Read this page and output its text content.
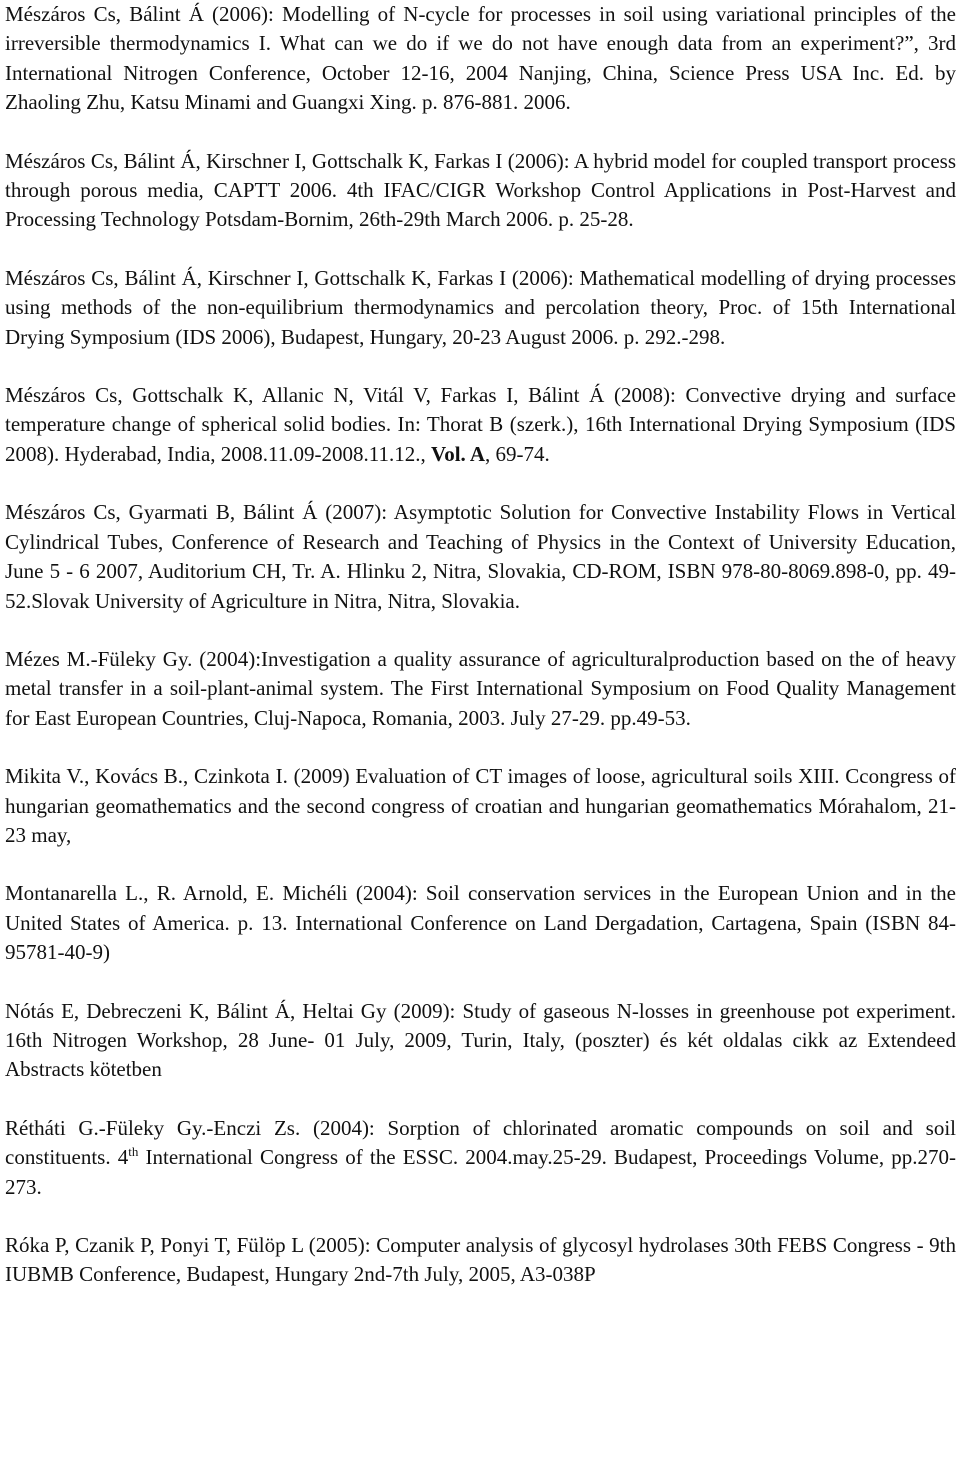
Mészáros Cs, Bálint Á (2006): Modelling of N-cycle for processes in soil using variational principles of the irreversible thermodynamics I. What can we do if we do not have enough data from an experiment?”, 3rd International Nitrogen Conference, October 12-16, 2004 Nanjing, China, Science Press USA Inc. Ed. by Zhaoling Zhu, Katsu Minami and Guangxi Xing. p. 876-881. 2006.

Mészáros Cs, Bálint Á, Kirschner I, Gottschalk K, Farkas I (2006): A hybrid model for coupled transport process through porous media, CAPTT 2006. 4th IFAC/CIGR Workshop Control Applications in Post-Harvest and Processing Technology Potsdam-Bornim, 26th-29th March 2006. p. 25-28.

Mészáros Cs, Bálint Á, Kirschner I, Gottschalk K, Farkas I (2006): Mathematical modelling of drying processes using methods of the non-equilibrium thermodynamics and percolation theory, Proc. of 15th International Drying Symposium (IDS 2006), Budapest, Hungary, 20-23 August 2006. p. 292.-298.

Mészáros Cs, Gottschalk K, Allanic N, Vitál V, Farkas I, Bálint Á (2008): Convective drying and surface temperature change of spherical solid bodies. In: Thorat B (szerk.), 16th International Drying Symposium (IDS 2008). Hyderabad, India, 2008.11.09-2008.11.12., Vol. A, 69-74.

Mészáros Cs, Gyarmati B, Bálint Á (2007): Asymptotic Solution for Convective Instability Flows in Vertical Cylindrical Tubes, Conference of Research and Teaching of Physics in the Context of University Education, June 5 - 6 2007, Auditorium CH, Tr. A. Hlinku 2, Nitra, Slovakia, CD-ROM, ISBN 978-80-8069.898-0, pp. 49-52.Slovak University of Agriculture in Nitra, Nitra, Slovakia.

Mézes M.-Füleky Gy. (2004):Investigation a quality assurance of agriculturalproduction based on the of heavy metal transfer in a soil-plant-animal system. The First International Symposium on Food Quality Management for East European Countries, Cluj-Napoca, Romania, 2003. July 27-29. pp.49-53.

Mikita V., Kovács B., Czinkota I. (2009) Evaluation of CT images of loose, agricultural soils XIII. Ccongress of hungarian geomathematics and the second congress of croatian and hungarian geomathematics Mórahalom, 21-23 may,

Montanarella L., R. Arnold, E. Michéli (2004): Soil conservation services in the European Union and in the United States of America. p. 13. International Conference on Land Dergadation, Cartagena, Spain (ISBN 84-95781-40-9)

Nótás E, Debreczeni K, Bálint Á, Heltai Gy (2009): Study of gaseous N-losses in greenhouse pot experiment. 16th Nitrogen Workshop, 28 June- 01 July, 2009, Turin, Italy, (poszter) és két oldalas cikk az Extendeed Abstracts kötetben

Rétháti G.-Füleky Gy.-Enczi Zs. (2004): Sorption of chlorinated aromatic compounds on soil and soil constituents. 4th International Congress of the ESSC. 2004.may.25-29. Budapest, Proceedings Volume, pp.270-273.

Róka P, Czanik P, Ponyi T, Fülöp L (2005): Computer analysis of glycosyl hydrolases 30th FEBS Congress - 9th IUBMB Conference, Budapest, Hungary 2nd-7th July, 2005, A3-038P
